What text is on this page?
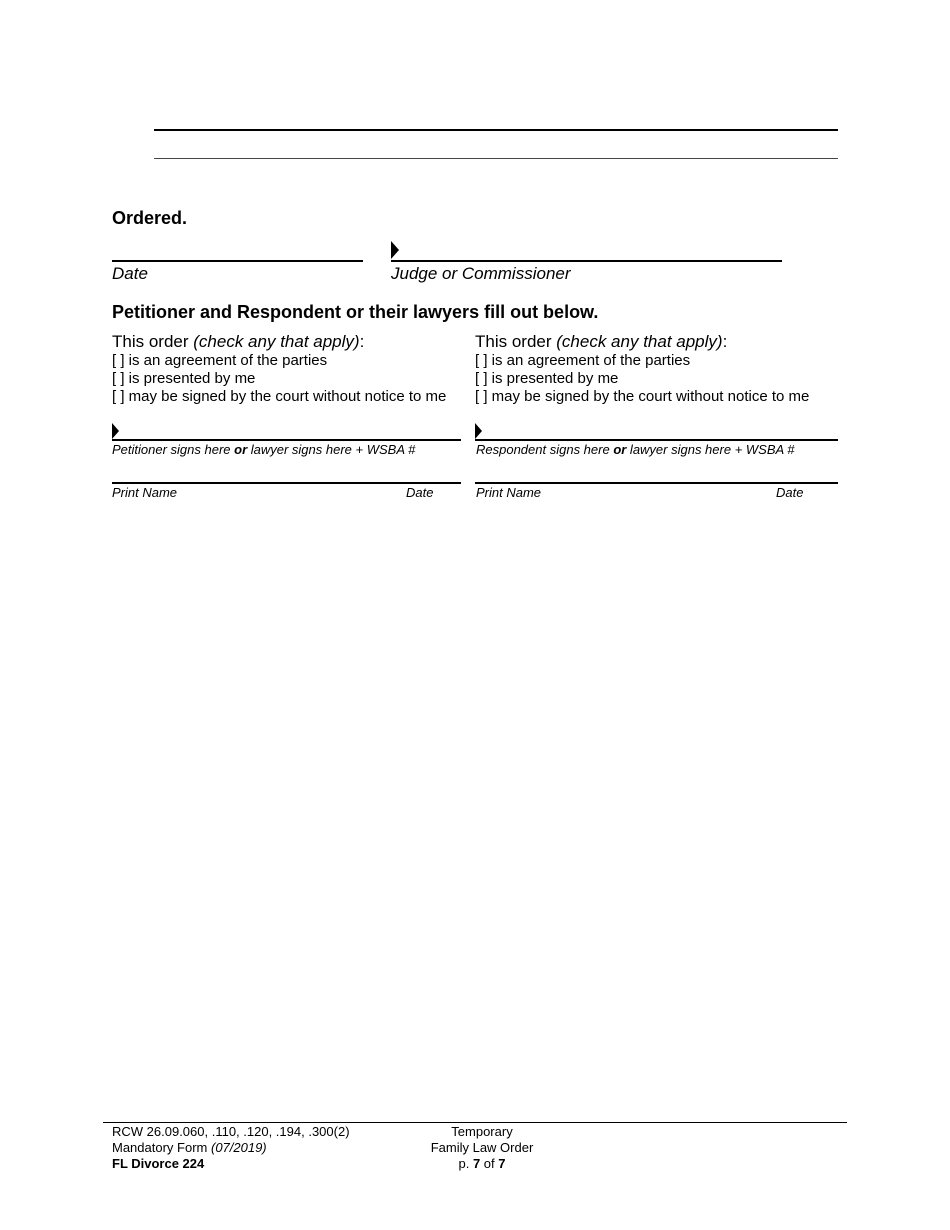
Ordered.
Date	Judge or Commissioner
Petitioner and Respondent or their lawyers fill out below.
This order (check any that apply):
[ ] is an agreement of the parties
[ ] is presented by me
[ ] may be signed by the court without notice to me
Petitioner signs here or lawyer signs here + WSBA #
Print Name	Date
This order (check any that apply):
[ ] is an agreement of the parties
[ ] is presented by me
[ ] may be signed by the court without notice to me
Respondent signs here or lawyer signs here + WSBA #
Print Name	Date
RCW 26.09.060, .110, .120, .194, .300(2)
Mandatory Form (07/2019)
FL Divorce 224
Temporary
Family Law Order
p. 7 of 7
